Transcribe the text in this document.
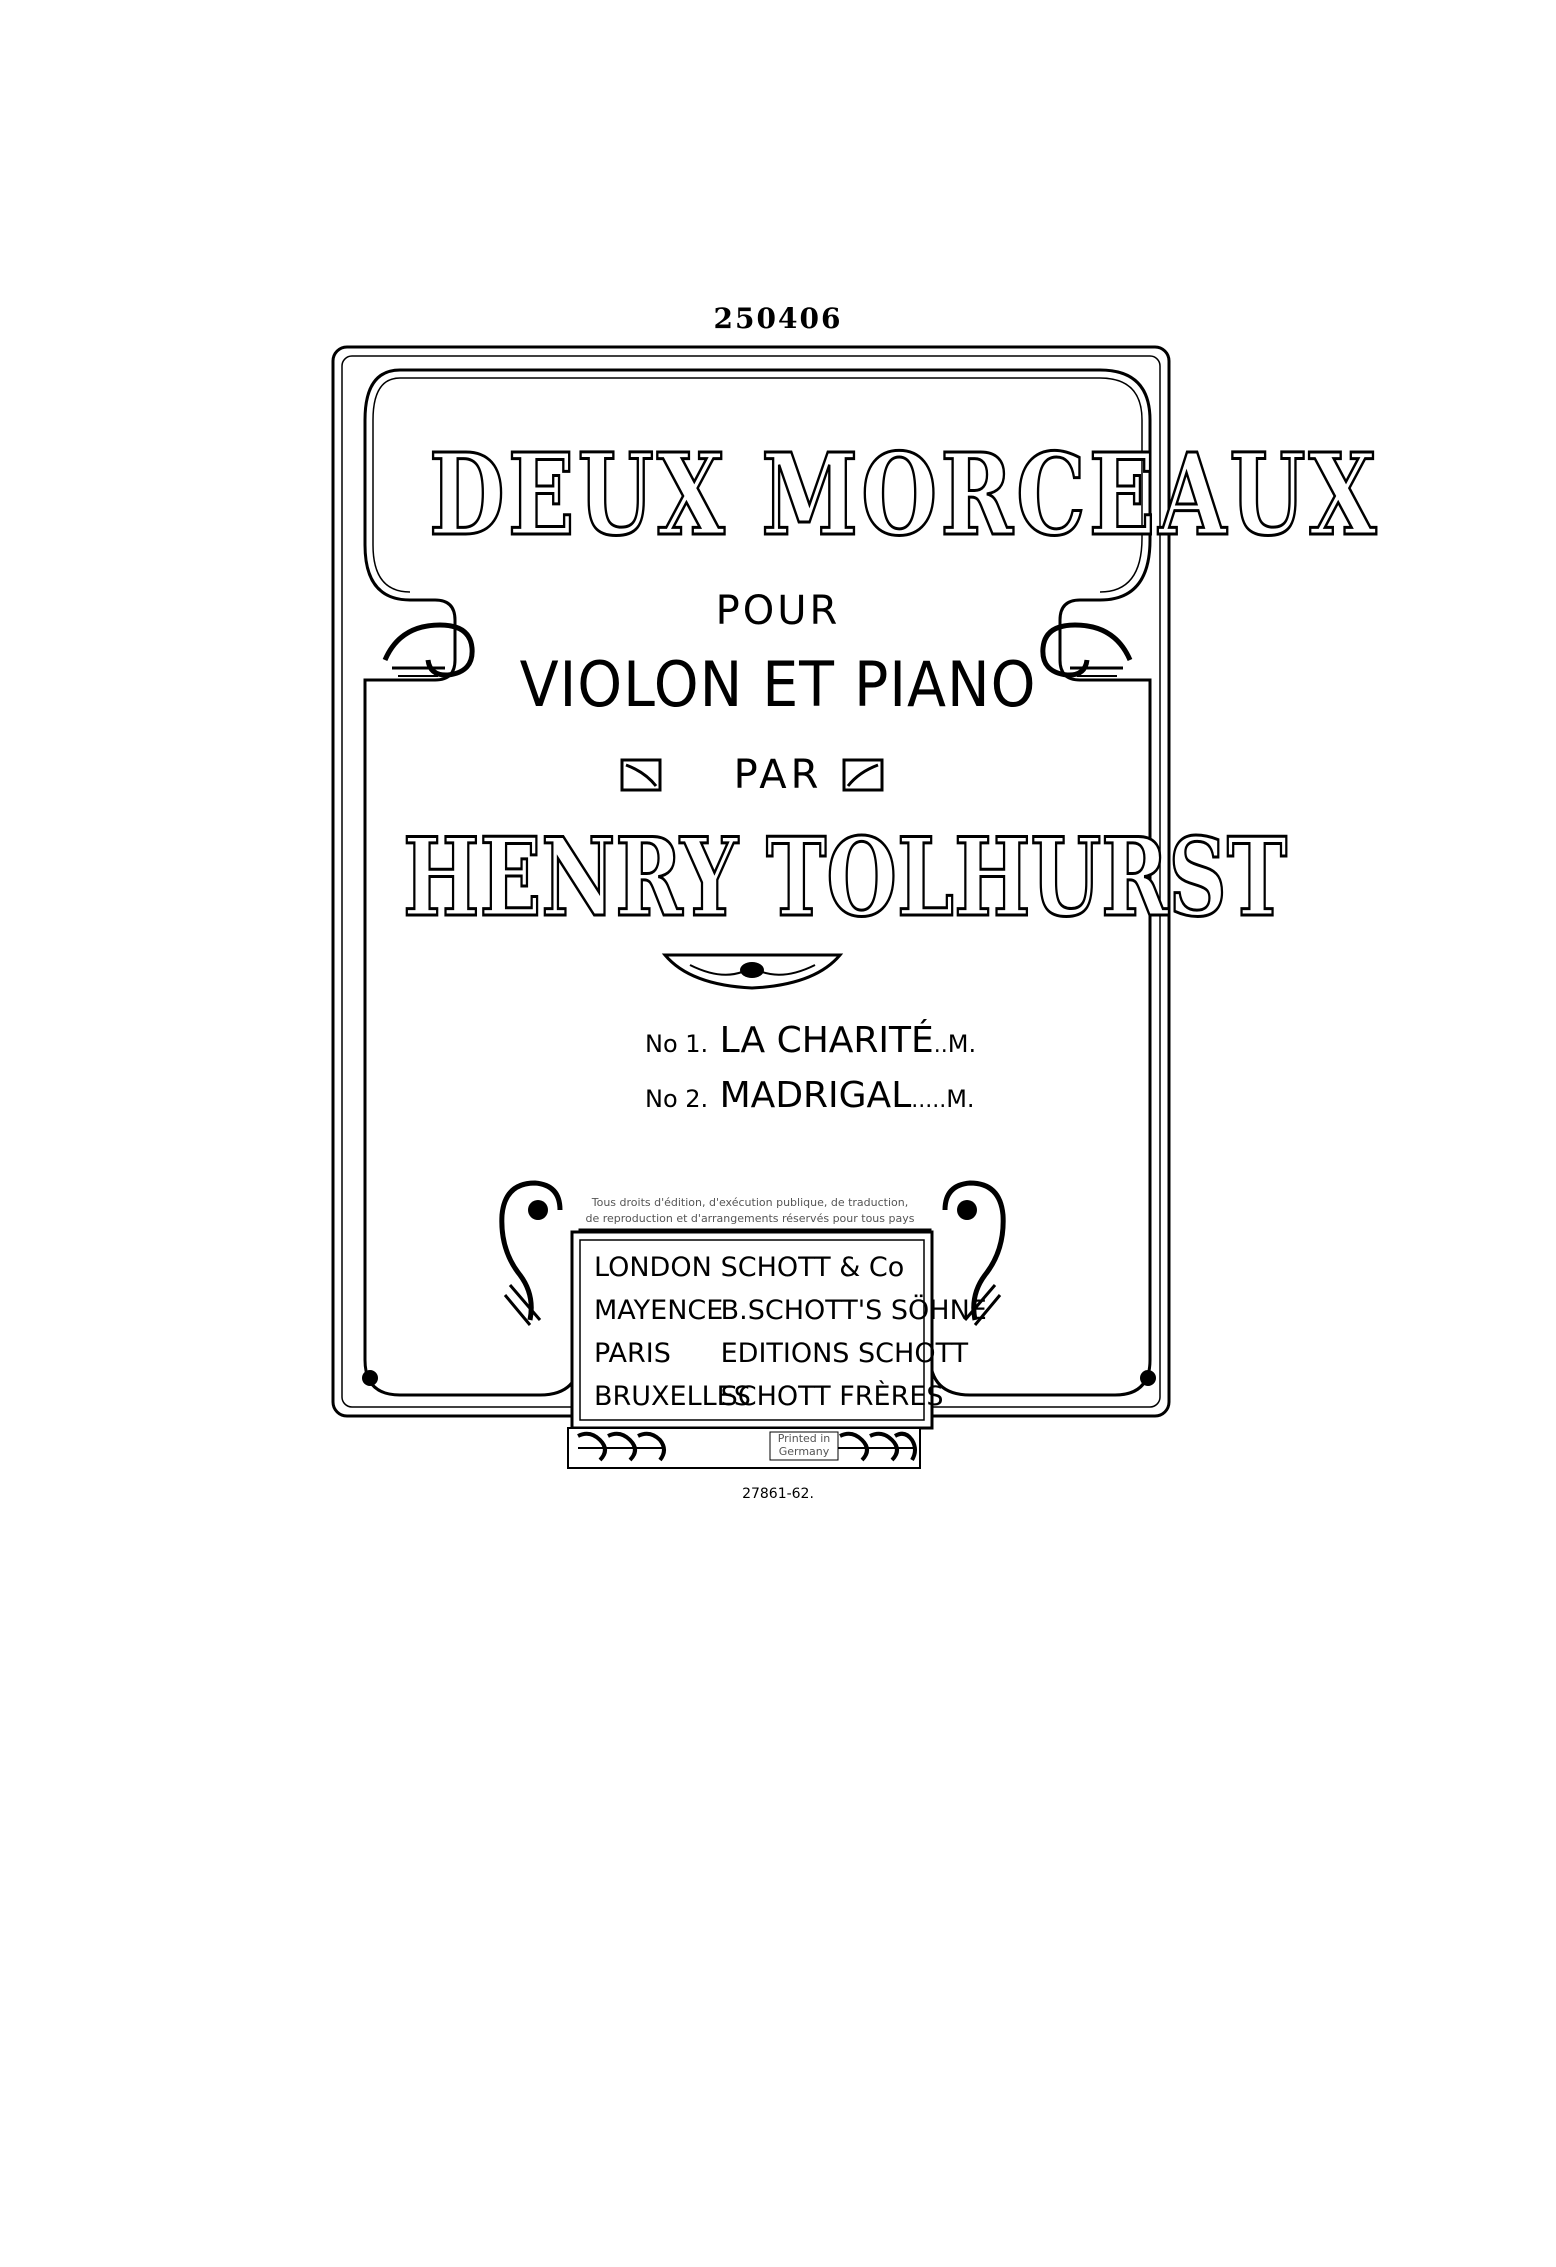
250406
DEUX MORCEAUX
POUR
VIOLON ET PIANO
PAR
HENRY TOLHURST
No 1. LA CHARITÉ..M.
No 2. MADRIGAL.....M.
Tous droits d'édition, d'exécution publique, de traduction,
de reproduction et d'arrangements réservés pour tous pays
LONDON SCHOTT & Co
MAYENCE B.SCHOTT'S SÖHNE
PARIS EDITIONS SCHOTT
BRUXELLES SCHOTT FRÈRES
Printed in Germany
27861-62.
